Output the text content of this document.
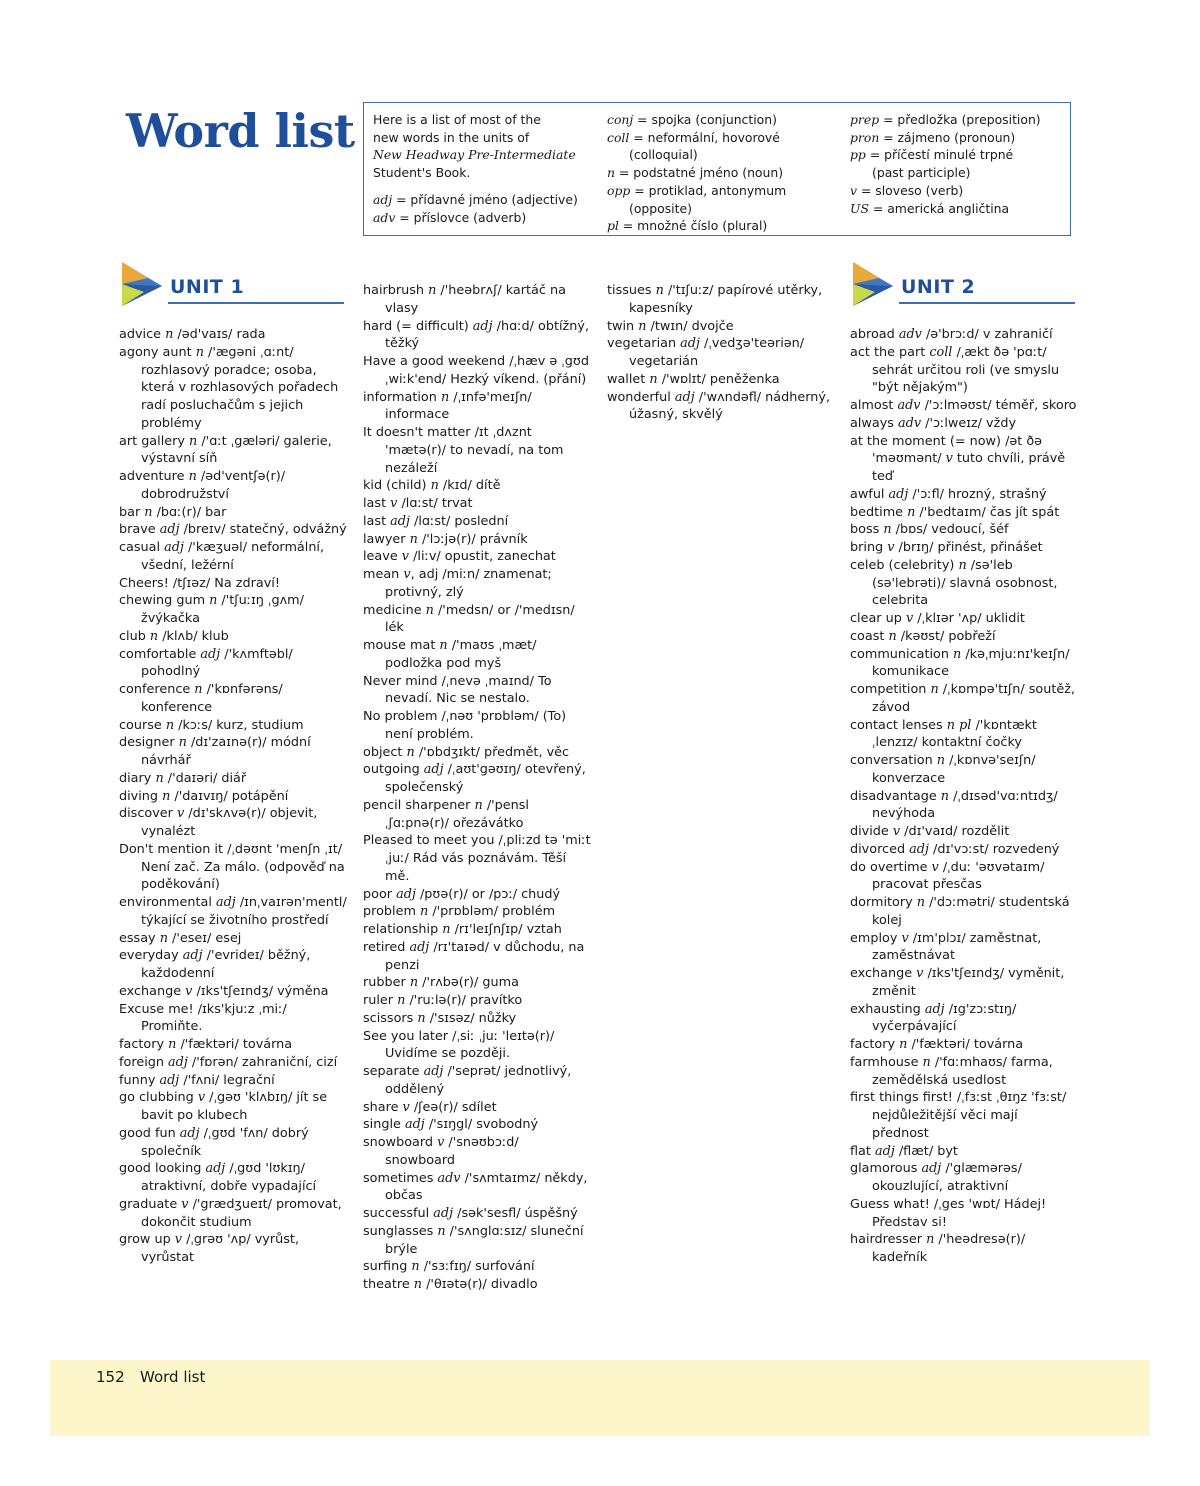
Word list Here is a list of most of the
new words in the units of
New Headway Pre-Intermediate
Student's Book.
adj = přídavné jméno (adjective)
adv = příslovce (adverb)
conj = spojka (conjunction)
coll = neformální, hovorové
(colloquial)
n = podstatné jméno (noun)
opp = protiklad, antonymum
(opposite)
pl = množné číslo (plural)
prep = předložka (preposition)
pron = zájmeno (pronoun)
pp = příčestí minulé trpné
(past participle)
v = sloveso (verb)
US = americká angličtina
UNIT 1	UNIT 2
advice n /əd'vaɪs/ rada
agony aunt n /'ægəni ˌɑːnt/ rozhlasový poradce; osoba, která v rozhlasových pořadech radí posluchačům s jejich problémy
art gallery n /'ɑːt ˌgæləri/ galerie, výstavní síň
adventure n /əd'ventʃə(r)/ dobrodružství
bar n /bɑː(r)/ bar
brave adj /breɪv/ statečný, odvážný
casual adj /'kæʒuəl/ neformální, všední, ležérní
Cheers! /tʃɪəz/ Na zdraví!
chewing gum n /'tʃuːɪŋ ˌgʌm/ žvýkačka
club n /klʌb/ klub
comfortable adj /'kʌmftəbl/ pohodlný
conference n /'kɒnfərəns/ konference
course n /kɔːs/ kurz, studium
designer n /dɪ'zaɪnə(r)/ módní návrhář
diary n /'daɪəri/ diář
diving n /'daɪvɪŋ/ potápění
discover v /dɪ'skʌvə(r)/ objevit, vynalézt
Don't mention it /ˌdəʊnt 'menʃn ˌɪt/ Není zač. Za málo. (odpověď na poděkování)
environmental adj /ɪnˌvaɪrən'mentl/ týkající se životního prostředí
essay n /'eseɪ/ esej
everyday adj /'evrideɪ/ běžný, každodenní
exchange v /ɪks'tʃeɪndʒ/ výměna
Excuse me! /ɪks'kjuːz ˌmiː/ Promiňte.
factory n /'fæktəri/ továrna
foreign adj /'fɒrən/ zahraniční, cizí
funny adj /'fʌni/ legrační
go clubbing v /ˌgəʊ 'klʌbɪŋ/ jít se bavit po klubech
good fun adj /ˌgʊd 'fʌn/ dobrý společník
good looking adj /ˌgʊd 'lʊkɪŋ/ atraktivní, dobře vypadající
graduate v /'grædʒueɪt/ promovat, dokončit studium
grow up v /ˌgrəʊ 'ʌp/ vyrůst, vyrůstat
hairbrush n /'heəbrʌʃ/ kartáč na vlasy
hard (= difficult) adj /hɑːd/ obtížný, těžký
Have a good weekend /ˌhæv ə ˌgʊd ˌwiːk'end/ Hezký víkend. (přání)
information n /ˌɪnfə'meɪʃn/ informace
It doesn't matter /ɪt ˌdʌznt 'mætə(r)/ to nevadí, na tom nezáleží
kid (child) n /kɪd/ dítě
last v /lɑːst/ trvat
last adj /lɑːst/ poslední
lawyer n /'lɔːjə(r)/ právník
leave v /liːv/ opustit, zanechat
mean v, adj /miːn/ znamenat; protivný, zlý
medicine n /'medsn/ or /'medɪsn/ lék
mouse mat n /'maʊs ˌmæt/ podložka pod myš
Never mind /ˌnevə ˌmaɪnd/ To nevadí. Nic se nestalo.
No problem /ˌnəʊ 'prɒbləm/ (To) není problém.
object n /'ɒbdʒɪkt/ předmět, věc
outgoing adj /ˌaʊt'gəʊɪŋ/ otevřený, společenský
pencil sharpener n /'pensl ˌʃɑːpnə(r)/ ořezávátko
Pleased to meet you /ˌpliːzd tə 'miːt ˌjuː/ Rád vás poznávám. Těší mě.
poor adj /pʊə(r)/ or /pɔː/ chudý
problem n /'prɒbləm/ problém
relationship n /rɪ'leɪʃnʃɪp/ vztah
retired adj /rɪ'taɪəd/ v důchodu, na penzi
rubber n /'rʌbə(r)/ guma
ruler n /'ruːlə(r)/ pravítko
scissors n /'sɪsəz/ nůžky
See you later /ˌsiː ˌjuː 'leɪtə(r)/ Uvidíme se později.
separate adj /'seprət/ jednotlivý, oddělený
share v /ʃeə(r)/ sdílet
single adj /'sɪŋgl/ svobodný
snowboard v /'snəʊbɔːd/ snowboard
sometimes adv /'sʌmtaɪmz/ někdy, občas
successful adj /sək'sesfl/ úspěšný
sunglasses n /'sʌnglɑːsɪz/ sluneční brýle
surfing n /'sɜːfɪŋ/ surfování
theatre n /'θɪətə(r)/ divadlo
tissues n /'tɪʃuːz/ papírové utěrky, kapesníky
twin n /twɪn/ dvojče
vegetarian adj /ˌvedʒə'teəriən/ vegetarián
wallet n /'wɒlɪt/ peněženka
wonderful adj /'wʌndəfl/ nádherný, úžasný, skvělý
abroad adv /ə'brɔːd/ v zahraničí
act the part coll /ˌækt ðə 'pɑːt/ sehrát určitou roli (ve smyslu "být nějakým")
almost adv /'ɔːlməʊst/ téměř, skoro
always adv /'ɔːlweɪz/ vždy
at the moment (= now) /ət ðə 'məʊmənt/ v tuto chvíli, právě teď
awful adj /'ɔːfl/ hrozný, strašný
bedtime n /'bedtaɪm/ čas jít spát
boss n /bɒs/ vedoucí, šéf
bring v /brɪŋ/ přinést, přinášet
celeb (celebrity) n /sə'leb (sə'lebrəti)/ slavná osobnost, celebrita
clear up v /ˌklɪər 'ʌp/ uklidit
coast n /kəʊst/ pobřeží
communication n /kəˌmjuːnɪ'keɪʃn/ komunikace
competition n /ˌkɒmpə'tɪʃn/ soutěž, závod
contact lenses n pl /'kɒntækt ˌlenzɪz/ kontaktní čočky
conversation n /ˌkɒnvə'seɪʃn/ konverzace
disadvantage n /ˌdɪsəd'vɑːntɪdʒ/ nevýhoda
divide v /dɪ'vaɪd/ rozdělit
divorced adj /dɪ'vɔːst/ rozvedený
do overtime v /ˌduː 'əʊvətaɪm/ pracovat přesčas
dormitory n /'dɔːmətri/ studentská kolej
employ v /ɪm'plɔɪ/ zaměstnat, zaměstnávat
exchange v /ɪks'tʃeɪndʒ/ vyměnit, změnit
exhausting adj /ɪg'zɔːstɪŋ/ vyčerpávající
factory n /'fæktəri/ továrna
farmhouse n /'fɑːmhaʊs/ farma, zemědělská usedlost
first things first! /ˌfɜːst ˌθɪŋz 'fɜːst/ nejdůležitější věci mají přednost
flat adj /flæt/ byt
glamorous adj /'glæmərəs/ okouzlující, atraktivní
Guess what! /ˌges 'wɒt/ Hádej! Představ si!
hairdresser n /'heədresə(r)/ kadeřník
152 Word list
